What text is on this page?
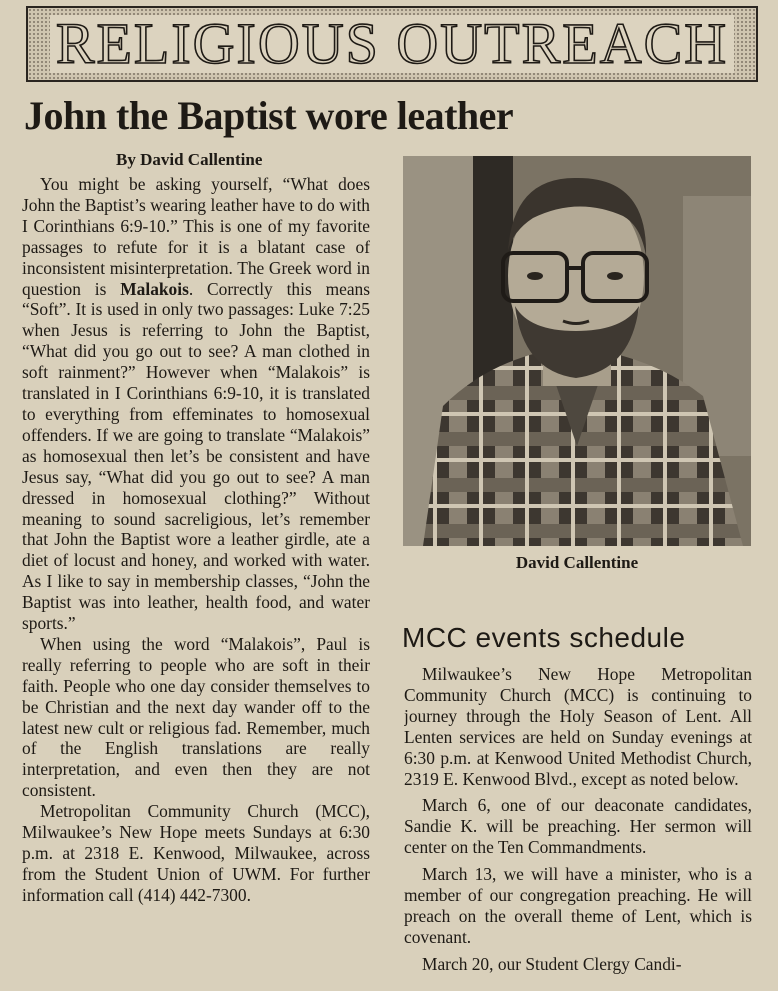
RELIGIOUS OUTREACH
John the Baptist wore leather
By David Callentine

You might be asking yourself, “What does John the Baptist’s wearing leather have to do with I Corinthians 6:9-10.” This is one of my favorite passages to refute for it is a blatant case of inconsistent misinterpretation. The Greek word in question is Malakois. Correctly this means “Soft”. It is used in only two passages: Luke 7:25 when Jesus is referring to John the Baptist, “What did you go out to see? A man clothed in soft rainment?” However when “Malakois” is translated in I Corinthians 6:9-10, it is translated to everything from effeminates to homosexual offenders. If we are going to translate “Malakois” as homosexual then let’s be consistent and have Jesus say, “What did you go out to see? A man dressed in homosexual clothing?” Without meaning to sound sacreligious, let’s remember that John the Baptist wore a leather girdle, ate a diet of locust and honey, and worked with water. As I like to say in membership classes, “John the Baptist was into leather, health food, and water sports.”

When using the word “Malakois”, Paul is really referring to people who are soft in their faith. People who one day consider themselves to be Christian and the next day wander off to the latest new cult or religious fad. Remember, much of the English translations are really interpretation, and even then they are not consistent.

Metropolitan Community Church (MCC), Milwaukee’s New Hope meets Sundays at 6:30 p.m. at 2318 E. Kenwood, Milwaukee, across from the Student Union of UWM. For further information call (414) 442-7300.

David Callentine
MCC events schedule

Milwaukee’s New Hope Metropolitan Community Church (MCC) is continuing to journey through the Holy Season of Lent. All Lenten services are held on Sunday evenings at 6:30 p.m. at Kenwood United Methodist Church, 2319 E. Kenwood Blvd., except as noted below.

March 6, one of our deaconate candidates, Sandie K. will be preaching. Her sermon will center on the Ten Commandments.

March 13, we will have a minister, who is a member of our congregation preaching. He will preach on the overall theme of Lent, which is covenant.

March 20, our Student Clergy Candi-
